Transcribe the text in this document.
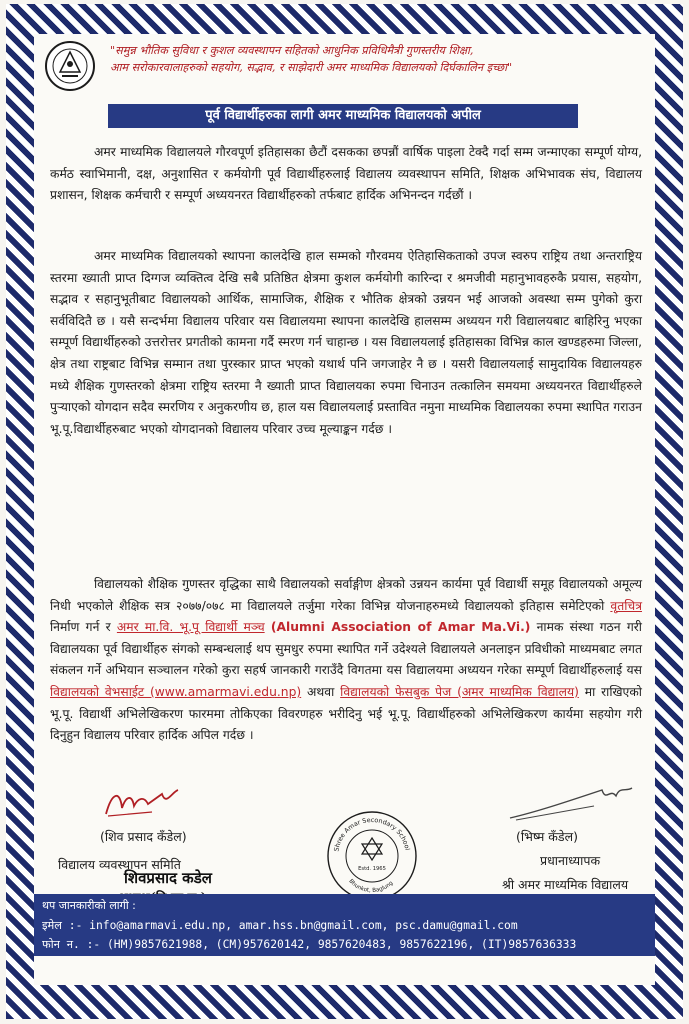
"समुन्न भौतिक सुविधा र कुशल व्यवस्थापन सहितको आधुनिक प्रविधिमैत्री गुणस्तरीय शिक्षा,
आम सरोकारवालाहरुको सहयोग, सद्भाव, र साझेदारी अमर माध्यमिक विद्यालयको दिर्घकालिन इच्छा"
पूर्व विद्यार्थीहरुका लागी अमर माध्यमिक विद्यालयको अपील
अमर माध्यमिक विद्यालयले गौरवपूर्ण इतिहासका छैटौं दसकका छपन्नौं वार्षिक पाइला टेक्दै गर्दा सम्म जन्माएका सम्पूर्ण योग्य, कर्मठ स्वाभिमानी, दक्ष, अनुशासित र कर्मयोगी पूर्व विद्यार्थीहरुलाई विद्यालय व्यवस्थापन समिति, शिक्षक अभिभावक संघ, विद्यालय प्रशासन, शिक्षक कर्मचारी र सम्पूर्ण अध्ययनरत विद्यार्थीहरुको तर्फबाट हार्दिक अभिनन्दन गर्दछौं ।
अमर माध्यमिक विद्यालयको स्थापना कालदेखि हाल सम्मको गौरवमय ऐतिहासिकताको उपज स्वरुप राष्ट्रिय तथा अन्तराष्ट्रिय स्तरमा ख्याती प्राप्त दिग्गज व्यक्तित्व देखि सबै प्रतिष्ठित क्षेत्रमा कुशल कर्मयोगी कारिन्दा र श्रमजीवी महानुभावहरुकै प्रयास, सहयोग, सद्भाव र सहानुभूतीबाट विद्यालयको आर्थिक, सामाजिक, शैक्षिक र भौतिक क्षेत्रको उन्नयन भई आजको अवस्था सम्म पुगेको कुरा सर्वविदितै छ । यसै सन्दर्भमा विद्यालय परिवार यस विद्यालयमा स्थापना कालदेखि हालसम्म अध्ययन गरी विद्यालयबाट बाहिरिनु भएका सम्पूर्ण विद्यार्थीहरुको उत्तरोत्तर प्रगतीको कामना गर्दै स्मरण गर्न चाहान्छ । यस विद्यालयलाई इतिहासका विभिन्न काल खण्डहरुमा जिल्ला, क्षेत्र तथा राष्ट्रबाट विभिन्न सम्मान तथा पुरस्कार प्राप्त भएको यथार्थ पनि जगजाहेर नै छ । यसरी विद्यालयलाई सामुदायिक विद्यालयहरु मध्ये शैक्षिक गुणस्तरको क्षेत्रमा राष्ट्रिय स्तरमा नै ख्याती प्राप्त विद्यालयका रुपमा चिनाउन तत्कालिन समयमा अध्ययनरत विद्यार्थीहरुले पुऱ्याएको योगदान सदैव स्मरणिय र अनुकरणीय छ, हाल यस विद्यालयलाई प्रस्तावित नमुना माध्यमिक विद्यालयका रुपमा स्थापित गराउन भू.पू.विद्यार्थीहरुबाट भएको योगदानको विद्यालय परिवार उच्च मूल्याङ्कन गर्दछ ।
विद्यालयको शैक्षिक गुणस्तर वृद्धिका साथै विद्यालयको सर्वाङ्गीण क्षेत्रको उन्नयन कार्यमा पूर्व विद्यार्थी समूह विद्यालयको अमूल्य निधी भएकोले शैक्षिक सत्र २०७७/०७८ मा विद्यालयले तर्जुमा गरेका विभिन्न योजनाहरुमध्ये विद्यालयको इतिहास समेटिएको वृतचित्र निर्माण गर्न र अमर मा.वि. भू.पू विद्यार्थी मञ्च (Alumni Association of Amar Ma.Vi.) नामक संस्था गठन गरी विद्यालयका पूर्व विद्यार्थीहरु संगको सम्बन्धलाई थप सुमधुर रुपमा स्थापित गर्ने उदेश्यले विद्यालयले अनलाइन प्रविधीको माध्यमबाट लगत संकलन गर्ने अभियान सञ्चालन गरेको कुरा सहर्ष जानकारी गराउँदै विगतमा यस विद्यालयमा अध्ययन गरेका सम्पूर्ण विद्यार्थीहरुलाई यस विद्यालयको वेभसाईट (www.amarmavi.edu.np) अथवा विद्यालयको फेसबुक पेज (अमर माध्यमिक विद्यालय) मा राखिएको भू.पू. विद्यार्थी अभिलेखिकरण फारममा तोकिएका विवरणहरु भरीदिनु भई भू.पू. विद्यार्थीहरुको अभिलेखिकरण कार्यमा सहयोग गरी दिनुहुन विद्यालय परिवार हार्दिक अपिल गर्दछ ।
(शिव प्रसाद कँडेल)
विद्यालय व्यवस्थापन समिति
शिवप्रसाद कडेल
Shree Amar Secondary School
Bhunkot, Baglung
Estd. 1965
(भिष्म कँडेल)
प्रधानाध्यापक
श्री अमर माध्यमिक विद्यालय
थप जानकारीको लागी :
इमेल :- info@amarmavi.edu.np, amar.hss.bn@gmail.com, psc.damu@gmail.com
फोन न. :- (HM)9857621988, (CM)957620142, 9857620483, 9857622196, (IT)9857636333
